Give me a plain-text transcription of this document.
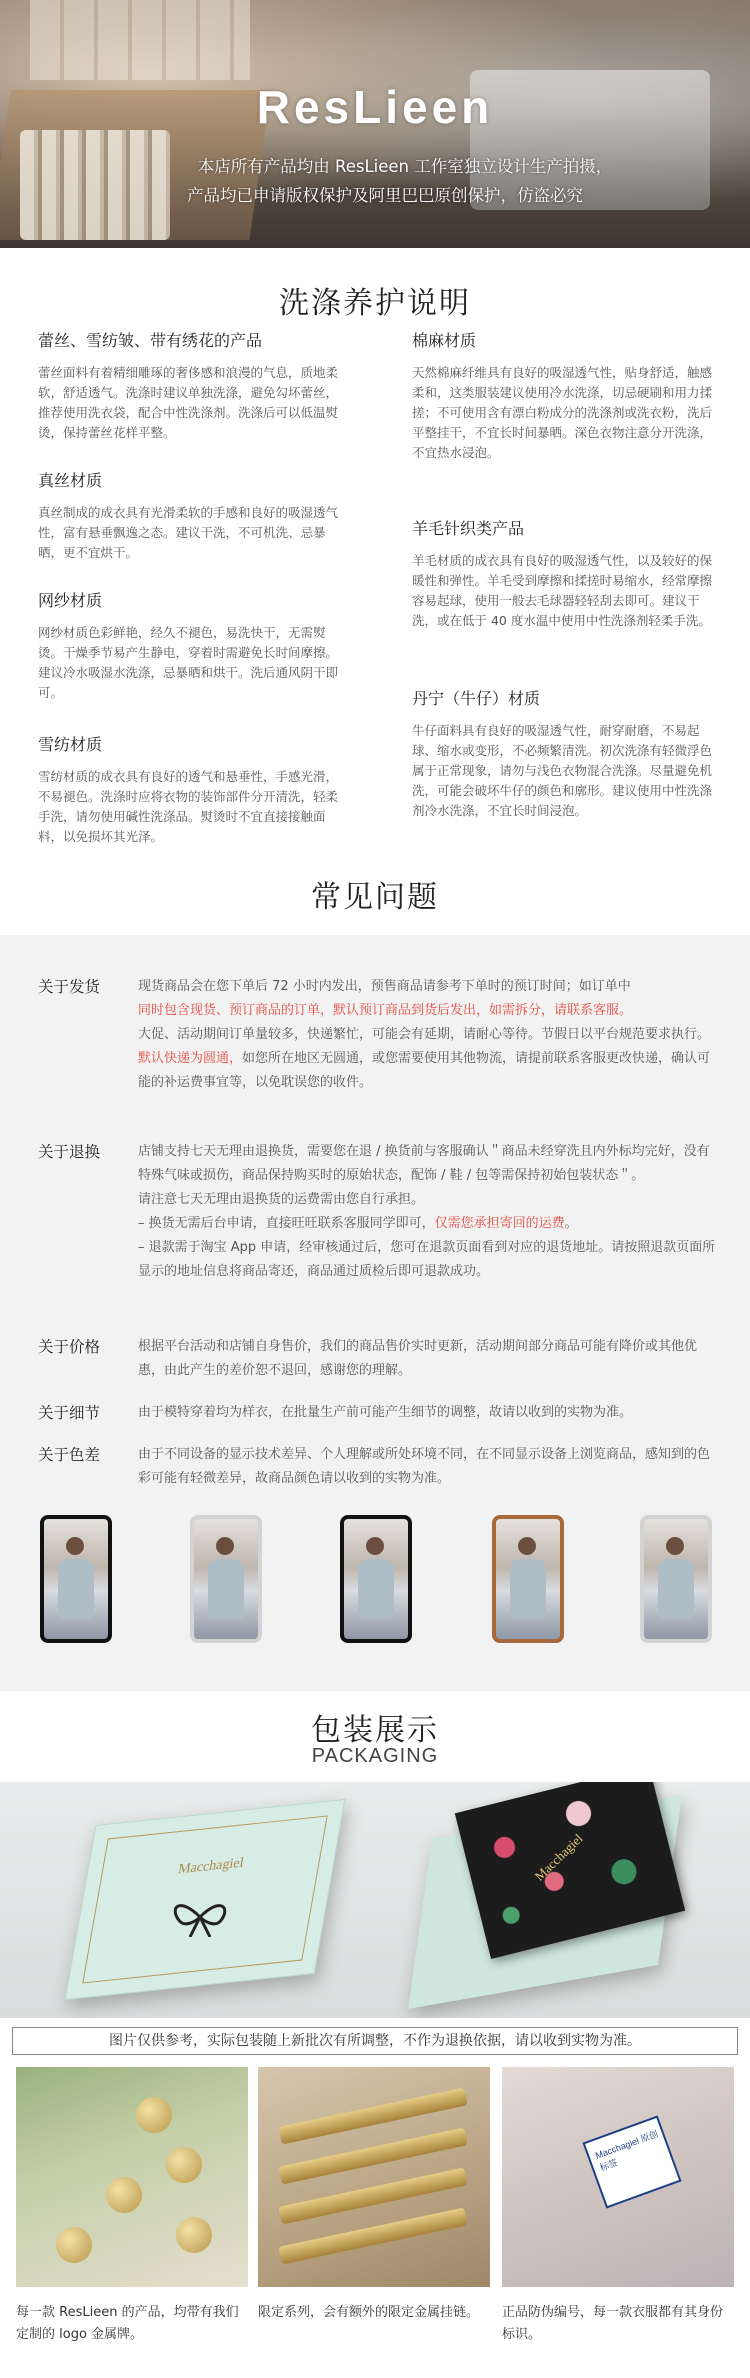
ResLieen
本店所有产品均由 ResLieen 工作室独立设计生产拍摄，
产品均已申请版权保护及阿里巴巴原创保护，仿盗必究
洗涤养护说明
蕾丝、雪纺皱、带有绣花的产品

蕾丝面料有着精细雕琢的奢侈感和浪漫的气息，质地柔软，舒适透气。洗涤时建议单独洗涤，避免勾坏蕾丝，推荐使用洗衣袋，配合中性洗涤剂。洗涤后可以低温熨烫，保持蕾丝花样平整。

真丝材质

真丝制成的成衣具有光滑柔软的手感和良好的吸湿透气性，富有悬垂飘逸之态。建议干洗，不可机洗、忌暴晒，更不宜烘干。

网纱材质

网纱材质色彩鲜艳，经久不褪色，易洗快干，无需熨烫。干燥季节易产生静电，穿着时需避免长时间摩擦。建议冷水吸湿水洗涤，忌暴晒和烘干。洗后通风阴干即可。

雪纺材质

雪纺材质的成衣具有良好的透气和悬垂性，手感光滑，不易褪色。洗涤时应将衣物的装饰部件分开清洗，轻柔手洗，请勿使用碱性洗涤品。熨烫时不宜直接接触面料，以免损坏其光泽。

棉麻材质

天然棉麻纤维具有良好的吸湿透气性，贴身舒适，触感柔和，这类服装建议使用冷水洗涤，切忌硬刷和用力揉搓；不可使用含有漂白粉成分的洗涤剂或洗衣粉，洗后平整挂干，不宜长时间暴晒。深色衣物注意分开洗涤，不宜热水浸泡。

羊毛针织类产品

羊毛材质的成衣具有良好的吸湿透气性，以及较好的保暖性和弹性。羊毛受到摩擦和揉搓时易缩水，经常摩擦容易起球，使用一般去毛球器轻轻刮去即可。建议干洗，或在低于 40 度水温中使用中性洗涤剂轻柔手洗。

丹宁（牛仔）材质

牛仔面料具有良好的吸湿透气性，耐穿耐磨，不易起球、缩水或变形，不必频繁清洗。初次洗涤有轻微浮色属于正常现象，请勿与浅色衣物混合洗涤。尽量避免机洗，可能会破坏牛仔的颜色和廓形。建议使用中性洗涤剂冷水洗涤，不宜长时间浸泡。

常见问题
关于发货	现货商品会在您下单后 72 小时内发出，预售商品请参考下单时的预订时间；如订单中
同时包含现货、预订商品的订单，默认预订商品到货后发出，如需拆分，请联系客服。
大促、活动期间订单量较多，快递繁忙，可能会有延期，请耐心等待。节假日以平台规范要求执行。
默认快递为圆通，如您所在地区无圆通，或您需要使用其他物流，请提前联系客服更改快递，确认可能的补运费事宜等，以免耽误您的收件。
关于退换	店铺支持七天无理由退换货，需要您在退 / 换货前与客服确认＂商品未经穿洗且内外标均完好，没有特殊气味或损伤，商品保持购买时的原始状态，配饰 / 鞋 / 包等需保持初始包装状态＂。
请注意七天无理由退换货的运费需由您自行承担。
– 换货无需后台申请，直接旺旺联系客服同学即可，仅需您承担寄回的运费。
– 退款需于淘宝 App 申请，经审核通过后，您可在退款页面看到对应的退货地址。请按照退款页面所显示的地址信息将商品寄还，商品通过质检后即可退款成功。
关于价格	根据平台活动和店铺自身售价，我们的商品售价实时更新，活动期间部分商品可能有降价或其他优惠，由此产生的差价恕不退回，感谢您的理解。
关于细节	由于模特穿着均为样衣，在批量生产前可能产生细节的调整，故请以收到的实物为准。
关于色差	由于不同设备的显示技术差异、个人理解或所处环境不同，在不同显示设备上浏览商品，感知到的色彩可能有轻微差异，故商品颜色请以收到的实物为准。
包装展示
PACKAGING
Macchagiel	Macchagiel
图片仅供参考，实际包装随上新批次有所调整，不作为退换依据，请以收到实物为准。
Macchagiel 原创标签
每一款 ResLieen 的产品，均带有我们定制的 logo 金属牌。
限定系列，会有额外的限定金属挂链。	正品防伪编号，每一款衣服都有其身份标识。
